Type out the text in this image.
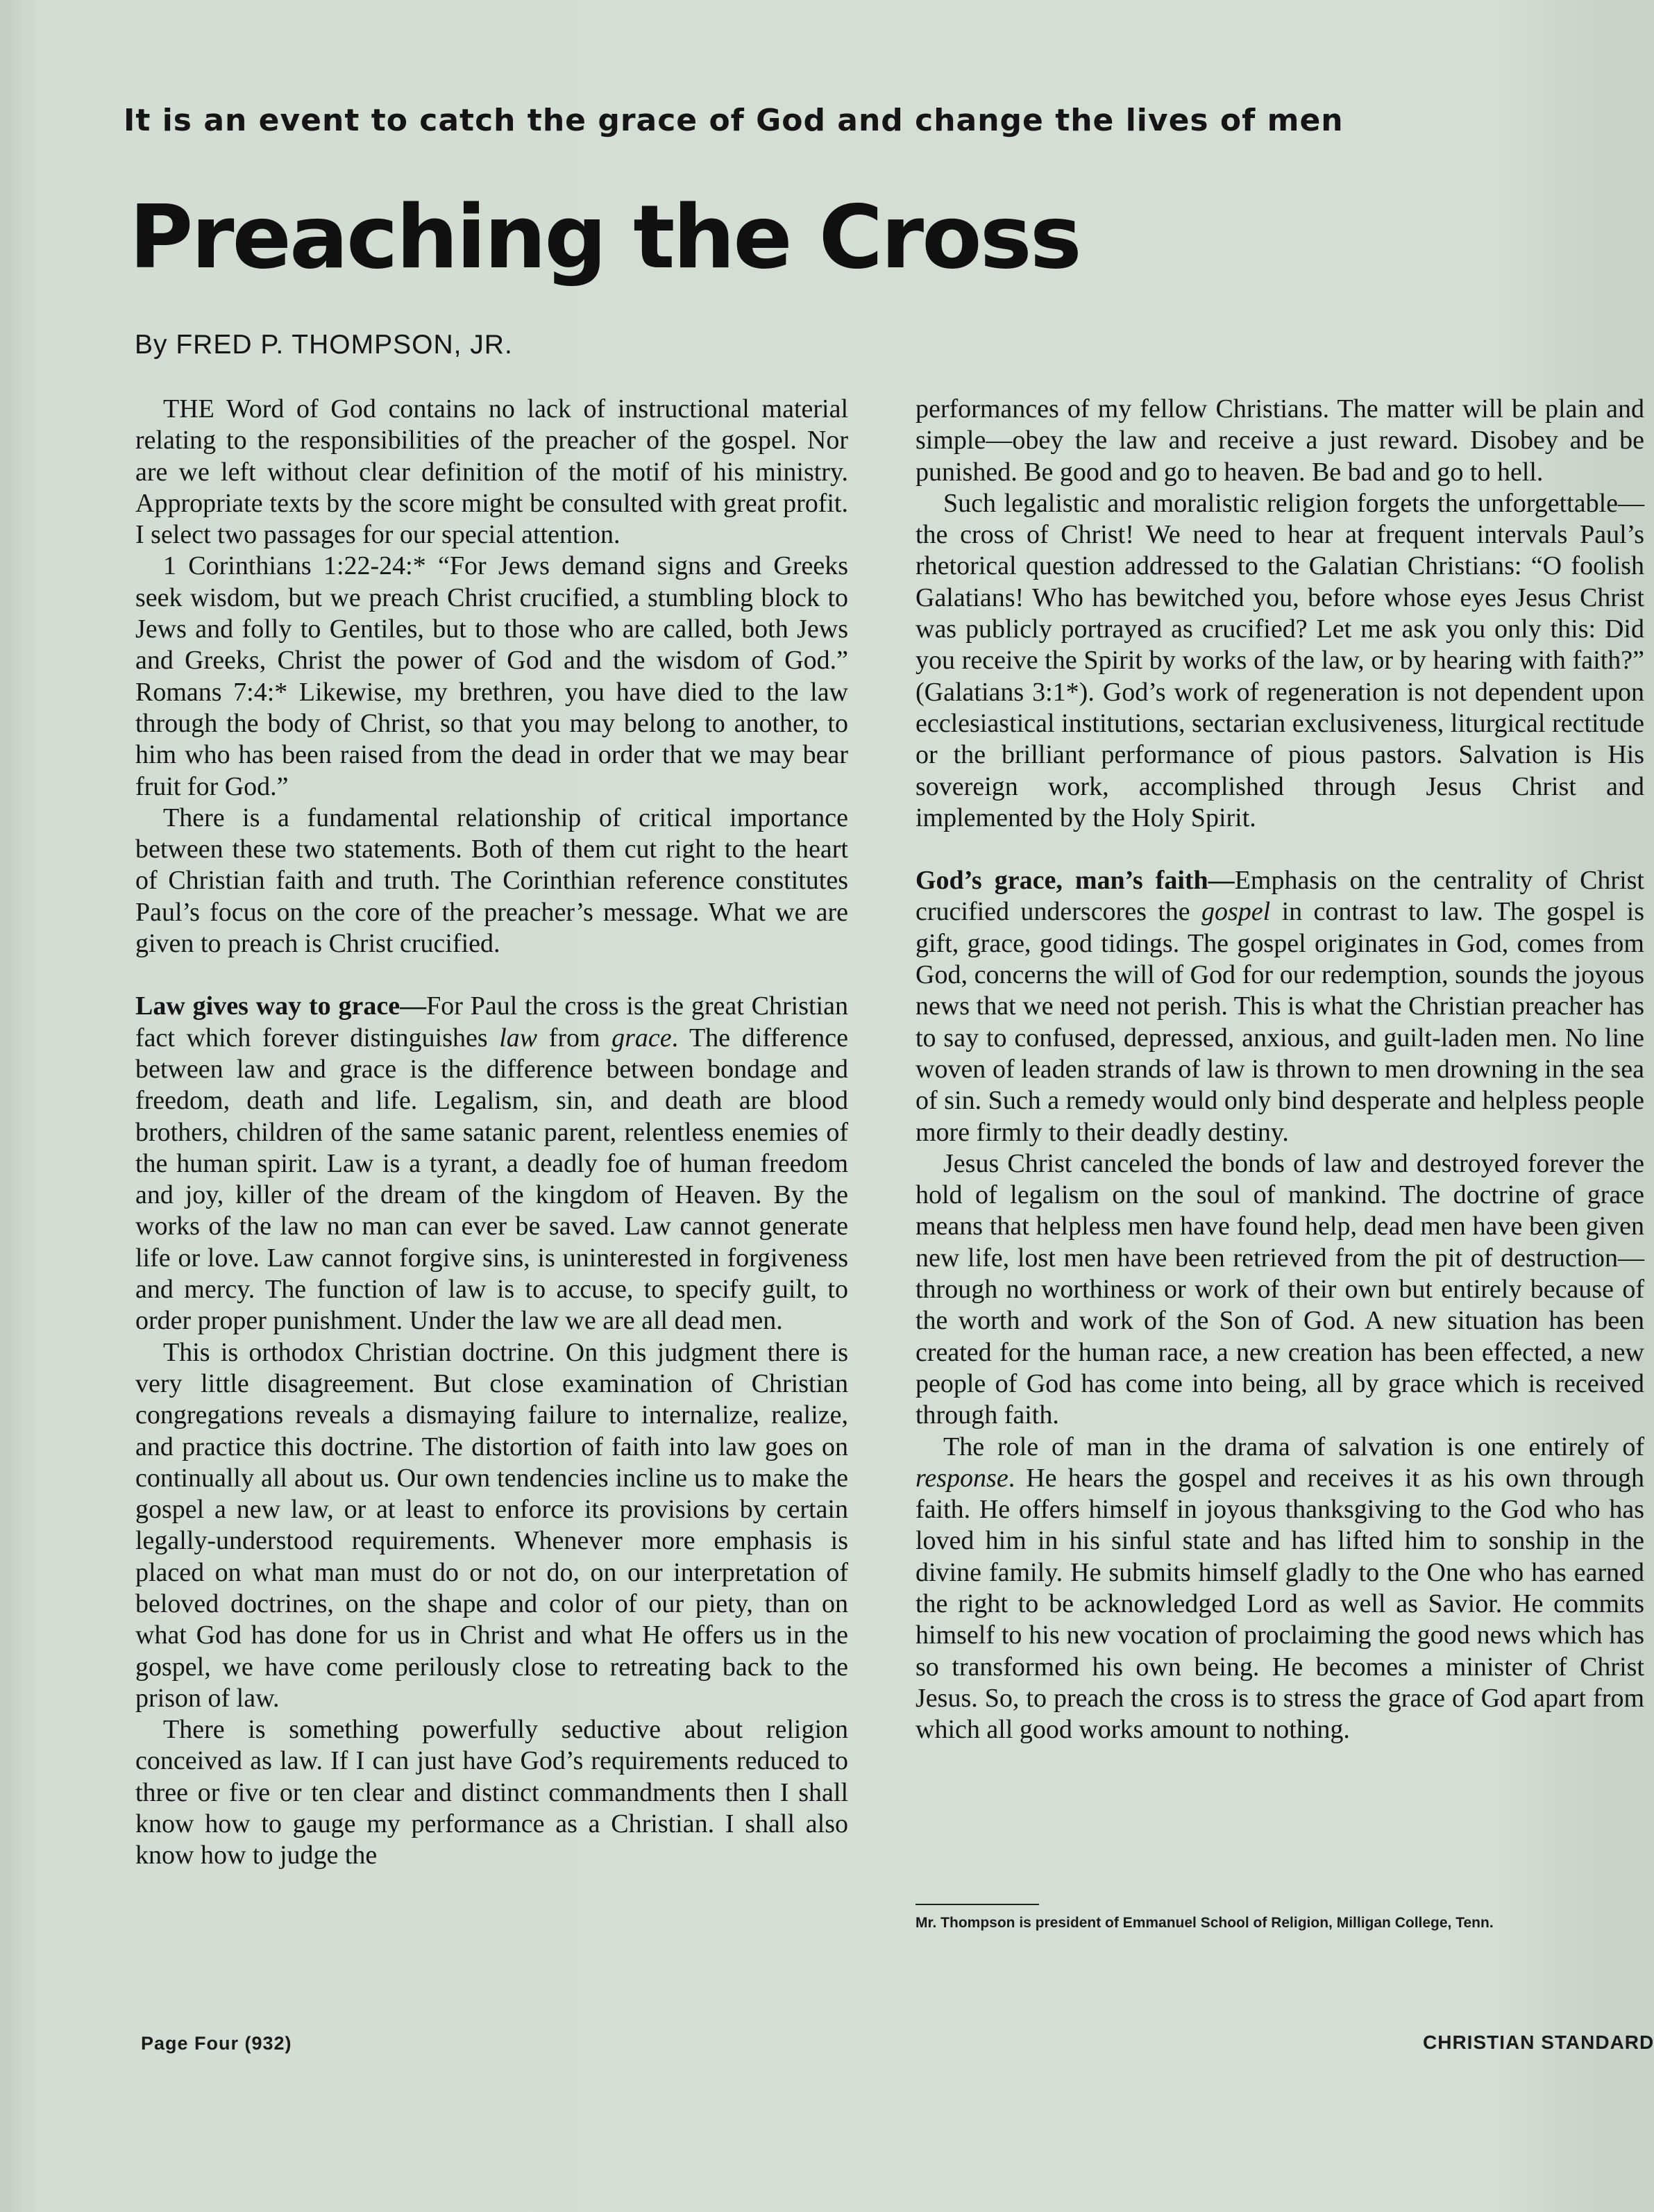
It is an event to catch the grace of God and change the lives of men
Preaching the Cross
By FRED P. THOMPSON, JR.

THE Word of God contains no lack of instructional material relating to the responsibilities of the preacher of the gospel. Nor are we left without clear definition of the motif of his ministry. Appropriate texts by the score might be consulted with great profit. I select two passages for our special attention.

1 Corinthians 1:22-24:* “For Jews demand signs and Greeks seek wisdom, but we preach Christ crucified, a stumbling block to Jews and folly to Gentiles, but to those who are called, both Jews and Greeks, Christ the power of God and the wisdom of God.” Romans 7:4:* Likewise, my brethren, you have died to the law through the body of Christ, so that you may belong to another, to him who has been raised from the dead in order that we may bear fruit for God.”

There is a fundamental relationship of critical importance between these two statements. Both of them cut right to the heart of Christian faith and truth. The Corinthian reference constitutes Paul’s focus on the core of the preacher’s message. What we are given to preach is Christ crucified.

Law gives way to grace—For Paul the cross is the great Christian fact which forever distinguishes law from grace. The difference between law and grace is the difference between bondage and freedom, death and life. Legalism, sin, and death are blood brothers, children of the same satanic parent, relentless enemies of the human spirit. Law is a tyrant, a deadly foe of human freedom and joy, killer of the dream of the kingdom of Heaven. By the works of the law no man can ever be saved. Law cannot generate life or love. Law cannot forgive sins, is uninterested in forgiveness and mercy. The function of law is to accuse, to specify guilt, to order proper punishment. Under the law we are all dead men.

This is orthodox Christian doctrine. On this judgment there is very little disagreement. But close examination of Christian congregations reveals a dismaying failure to internalize, realize, and practice this doctrine. The distortion of faith into law goes on continually all about us. Our own tendencies incline us to make the gospel a new law, or at least to enforce its provisions by certain legally-understood requirements. Whenever more emphasis is placed on what man must do or not do, on our interpretation of beloved doctrines, on the shape and color of our piety, than on what God has done for us in Christ and what He offers us in the gospel, we have come perilously close to retreating back to the prison of law.

There is something powerfully seductive about religion conceived as law. If I can just have God’s requirements reduced to three or five or ten clear and distinct commandments then I shall know how to gauge my performance as a Christian. I shall also know how to judge the

performances of my fellow Christians. The matter will be plain and simple—obey the law and receive a just reward. Disobey and be punished. Be good and go to heaven. Be bad and go to hell.

Such legalistic and moralistic religion forgets the unforgettable—the cross of Christ! We need to hear at frequent intervals Paul’s rhetorical question addressed to the Galatian Christians: “O foolish Galatians! Who has bewitched you, before whose eyes Jesus Christ was publicly portrayed as crucified? Let me ask you only this: Did you receive the Spirit by works of the law, or by hearing with faith?” (Galatians 3:1*). God’s work of regeneration is not dependent upon ecclesiastical institutions, sectarian exclusiveness, liturgical rectitude or the brilliant performance of pious pastors. Salvation is His sovereign work, accomplished through Jesus Christ and implemented by the Holy Spirit.

God’s grace, man’s faith—Emphasis on the centrality of Christ crucified underscores the gospel in contrast to law. The gospel is gift, grace, good tidings. The gospel originates in God, comes from God, concerns the will of God for our redemption, sounds the joyous news that we need not perish. This is what the Christian preacher has to say to confused, depressed, anxious, and guilt-laden men. No line woven of leaden strands of law is thrown to men drowning in the sea of sin. Such a remedy would only bind desperate and helpless people more firmly to their deadly destiny.

Jesus Christ canceled the bonds of law and destroyed forever the hold of legalism on the soul of mankind. The doctrine of grace means that helpless men have found help, dead men have been given new life, lost men have been retrieved from the pit of destruction—through no worthiness or work of their own but entirely because of the worth and work of the Son of God. A new situation has been created for the human race, a new creation has been effected, a new people of God has come into being, all by grace which is received through faith.

The role of man in the drama of salvation is one entirely of response. He hears the gospel and receives it as his own through faith. He offers himself in joyous thanksgiving to the God who has loved him in his sinful state and has lifted him to sonship in the divine family. He submits himself gladly to the One who has earned the right to be acknowledged Lord as well as Savior. He commits himself to his new vocation of proclaiming the good news which has so transformed his own being. He becomes a minister of Christ Jesus. So, to preach the cross is to stress the grace of God apart from which all good works amount to nothing.

Mr. Thompson is president of Emmanuel School of Religion, Milligan College, Tenn.
Page Four (932)	CHRISTIAN STANDARD
